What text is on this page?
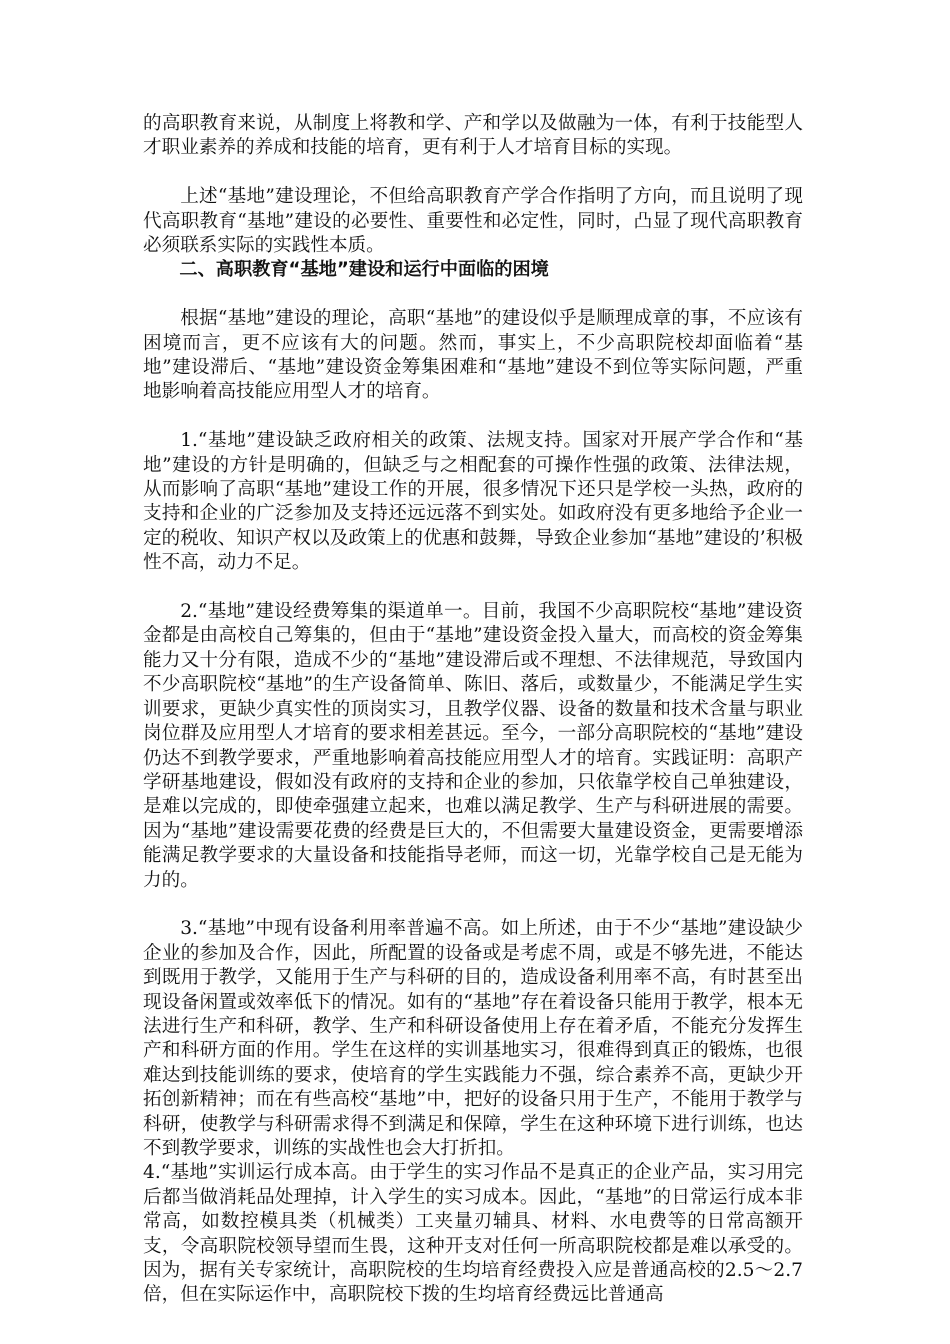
的高职教育来说，从制度上将教和学、产和学以及做融为一体，有利于技能型人才职业素养的养成和技能的培育，更有利于人才培育目标的实现。

上述“基地”建设理论，不但给高职教育产学合作指明了方向，而且说明了现代高职教育“基地”建设的必要性、重要性和必定性，同时，凸显了现代高职教育必须联系实际的实践性本质。

二、高职教育“基地”建设和运行中面临的困境

根据“基地”建设的理论，高职“基地”的建设似乎是顺理成章的事，不应该有困境而言，更不应该有大的问题。然而，事实上，不少高职院校却面临着“基地”建设滞后、“基地”建设资金筹集困难和“基地”建设不到位等实际问题，严重地影响着高技能应用型人才的培育。

1.“基地”建设缺乏政府相关的政策、法规支持。国家对开展产学合作和“基地”建设的方针是明确的，但缺乏与之相配套的可操作性强的政策、法律法规，从而影响了高职“基地”建设工作的开展，很多情况下还只是学校一头热，政府的支持和企业的广泛参加及支持还远远落不到实处。如政府没有更多地给予企业一定的税收、知识产权以及政策上的优惠和鼓舞，导致企业参加“基地”建设的’积极性不高，动力不足。

2.“基地”建设经费筹集的渠道单一。目前，我国不少高职院校“基地”建设资金都是由高校自己筹集的，但由于“基地”建设资金投入量大，而高校的资金筹集能力又十分有限，造成不少的“基地”建设滞后或不理想、不法律规范，导致国内不少高职院校“基地”的生产设备简单、陈旧、落后，或数量少，不能满足学生实训要求，更缺少真实性的顶岗实习，且教学仪器、设备的数量和技术含量与职业岗位群及应用型人才培育的要求相差甚远。至今，一部分高职院校的“基地”建设仍达不到教学要求，严重地影响着高技能应用型人才的培育。实践证明：高职产学研基地建设，假如没有政府的支持和企业的参加，只依靠学校自己单独建设，是难以完成的，即使牵强建立起来，也难以满足教学、生产与科研进展的需要。因为“基地”建设需要花费的经费是巨大的，不但需要大量建设资金，更需要增添能满足教学要求的大量设备和技能指导老师，而这一切，光靠学校自己是无能为力的。

3.“基地”中现有设备利用率普遍不高。如上所述，由于不少“基地”建设缺少企业的参加及合作，因此，所配置的设备或是考虑不周，或是不够先进，不能达到既用于教学，又能用于生产与科研的目的，造成设备利用率不高，有时甚至出现设备闲置或效率低下的情况。如有的“基地”存在着设备只能用于教学，根本无法进行生产和科研，教学、生产和科研设备使用上存在着矛盾，不能充分发挥生产和科研方面的作用。学生在这样的实训基地实习，很难得到真正的锻炼，也很难达到技能训练的要求，使培育的学生实践能力不强，综合素养不高，更缺少开拓创新精神；而在有些高校“基地”中，把好的设备只用于生产，不能用于教学与科研，使教学与科研需求得不到满足和保障，学生在这种环境下进行训练，也达不到教学要求，训练的实战性也会大打折扣。

4.“基地”实训运行成本高。由于学生的实习作品不是真正的企业产品，实习用完后都当做消耗品处理掉，计入学生的实习成本。因此，“基地”的日常运行成本非常高，如数控模具类（机械类）工夹量刃辅具、材料、水电费等的日常高额开支，令高职院校领导望而生畏，这种开支对任何一所高职院校都是难以承受的。因为，据有关专家统计，高职院校的生均培育经费投入应是普通高校的2.5～2.7倍，但在实际运作中，高职院校下拨的生均培育经费远比普通高
